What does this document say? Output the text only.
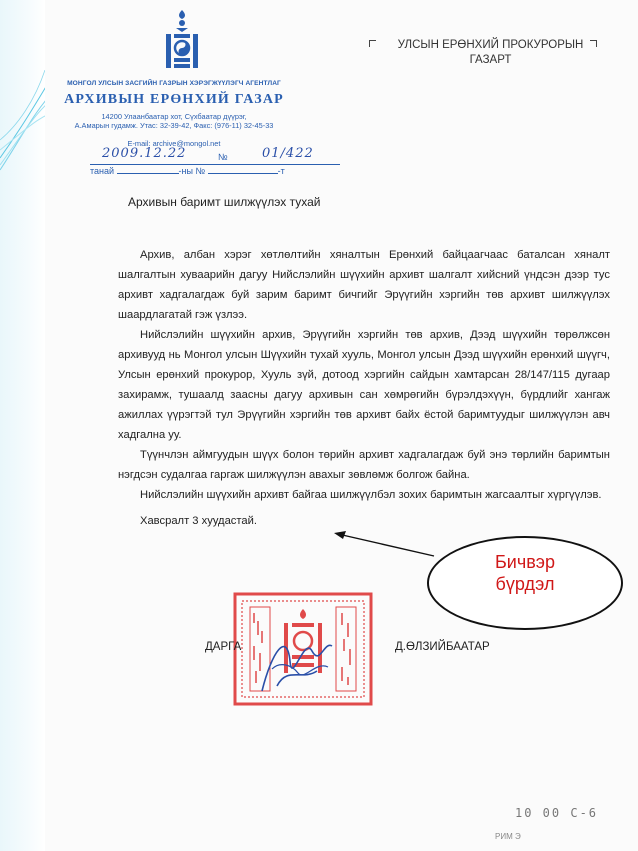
МОНГОЛ УЛСЫН ЗАСГИЙН ГАЗРЫН ХЭРЭГЖҮҮЛЭГЧ АГЕНТЛАГ
АРХИВЫН ЕРӨНХИЙ ГАЗАР
14200 Улаанбаатар хот, Сүхбаатар дүүрэг,
А.Амарын гудамж. Утас: 32-39-42, Факс: (976-11) 32-45-33
E-mail: archive@mongol.net
2009.12.22	№	01/422
танай	-ны №	-т
УЛСЫН ЕРӨНХИЙ ПРОКУРОРЫН
ГАЗАРТ
Архивын баримт шилжүүлэх тухай

Архив, албан хэрэг хөтлөлтийн хяналтын Ерөнхий байцаагчаас баталсан хяналт шалгалтын хуваарийн дагуу Нийслэлийн шүүхийн архивт шалгалт хийсний үндсэн дээр тус архивт хадгалагдаж буй зарим баримт бичгийг Эрүүгийн хэргийн төв архивт шилжүүлэх шаардлагатай гэж үзлээ.

Нийслэлийн шүүхийн архив, Эрүүгийн хэргийн төв архив, Дээд шүүхийн төрөлжсөн архивууд нь Монгол улсын Шүүхийн тухай хууль, Монгол улсын Дээд шүүхийн ерөнхий шүүгч, Улсын ерөнхий прокурор, Хууль зүй, дотоод хэргийн сайдын хамтарсан 28/147/115 дугаар захирамж, тушаалд заасны дагуу архивын сан хөмрөгийн бүрэлдэхүүн, бүрдлийг хангаж ажиллах үүрэгтэй тул Эрүүгийн хэргийн төв архивт байх ёстой баримтуудыг шилжүүлэн авч хадгална уу.

Түүнчлэн аймгуудын шүүх болон төрийн архивт хадгалагдаж буй энэ төрлийн баримтын нэгдсэн судалгаа гаргаж шилжүүлэн авахыг зөвлөмж болгож байна.

Нийслэлийн шүүхийн архивт байгаа шилжүүлбэл зохих баримтын жагсаалтыг хүргүүлэв.

Хавсралт 3 хуудастай.

ДАРГА	Д.ӨЛЗИЙБААТАР
Бичвэр
бүрдэл
10 00 С-6
РИМ Э
